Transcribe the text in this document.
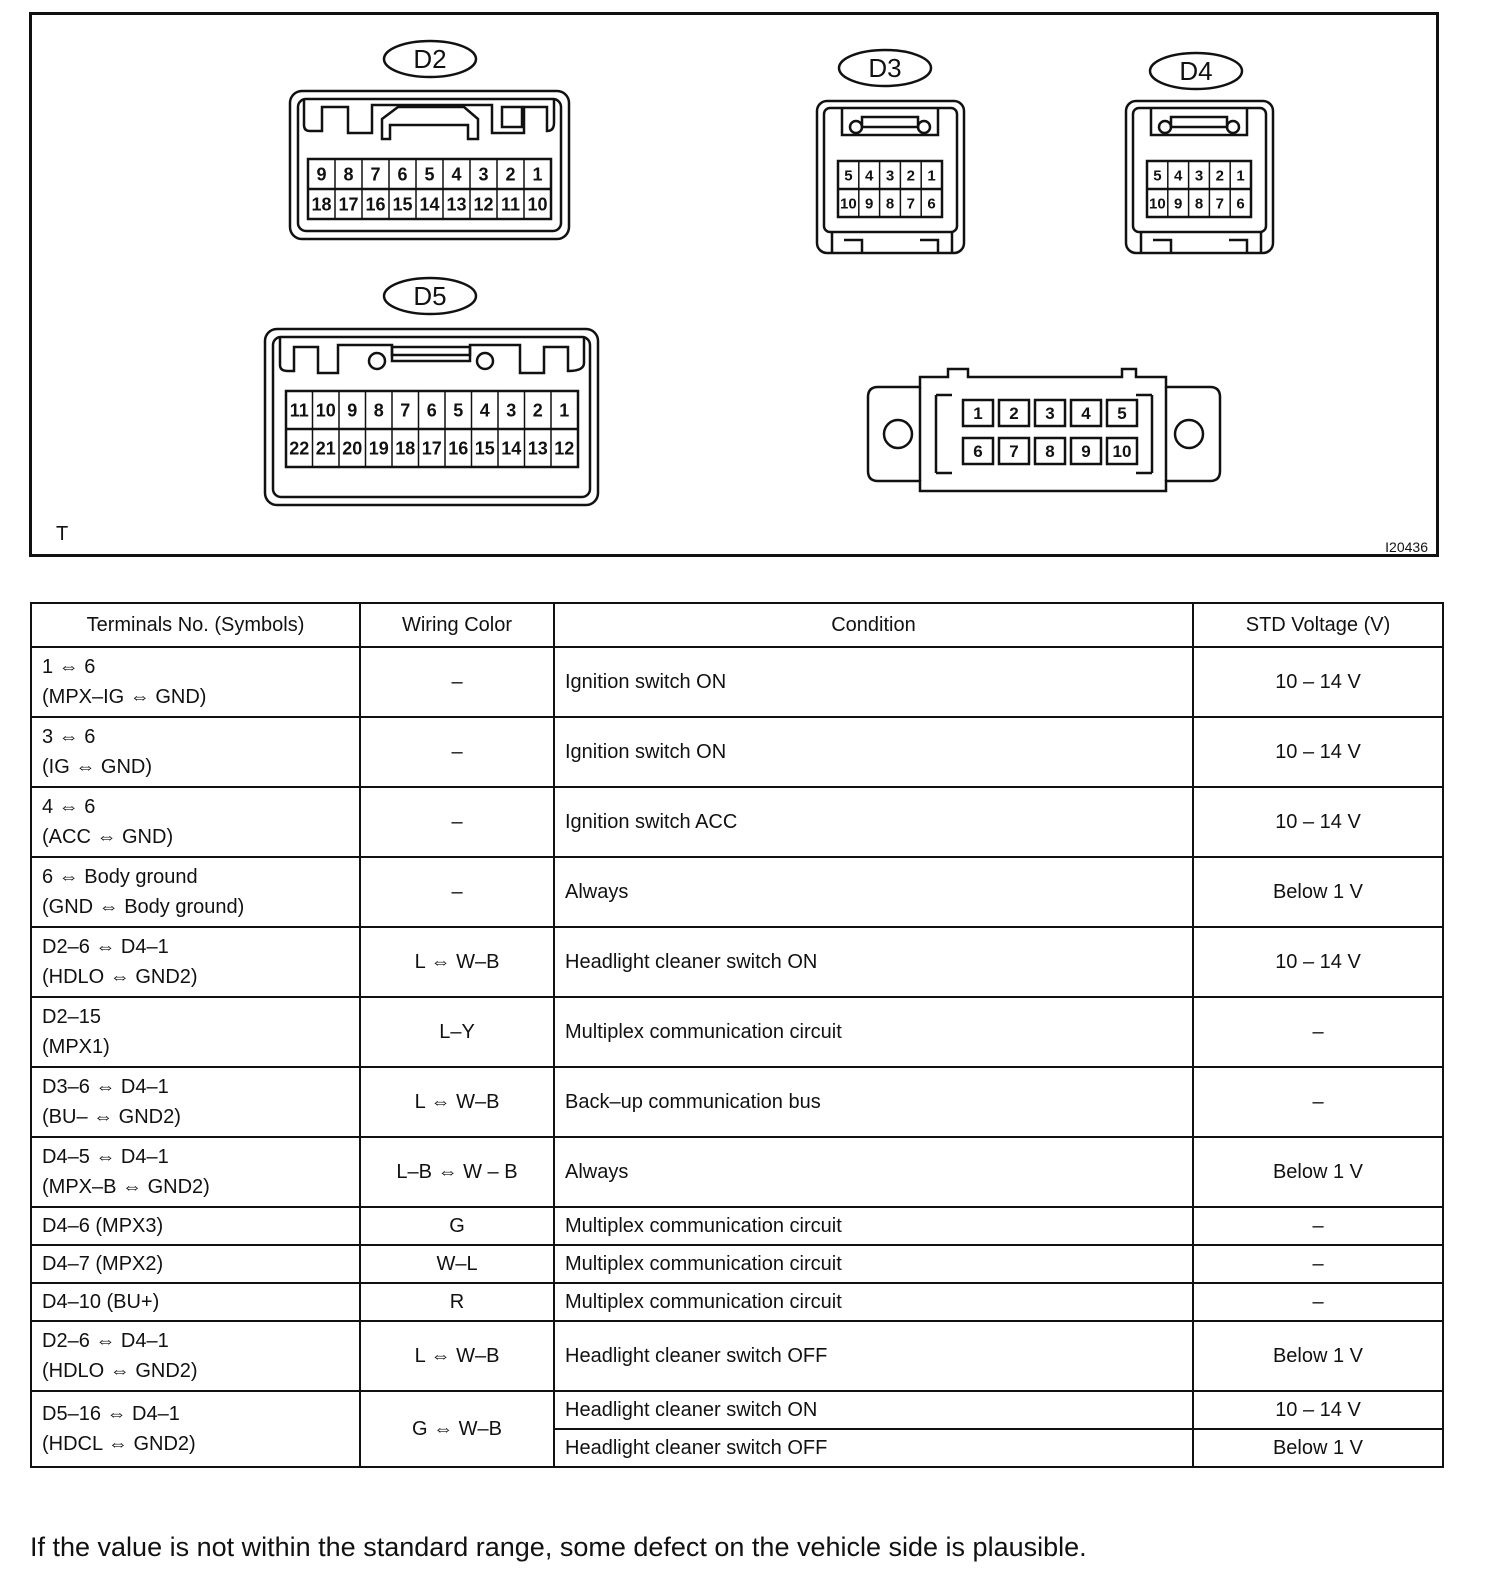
D2
9 8 7 6 5 4 3 2 1
18 17 16 15 14 13 12 11 10
D3
5 4 3 2 1
10 9 8 7 6
D4
5 4 3 2 1
10 9 8 7 6
D5
11 10 9 8 7 6 5 4 3 2 1
22 21 20 19 18 17 16 15 14 13 12
1 2 3 4 5
6 7 8 9 10
T
I20436
Terminals No. (Symbols)	Wiring Color	Condition	STD Voltage (V)

1 ⇔ 6
(MPX–IG ⇔ GND)	–	Ignition switch ON	10 – 14 V

3 ⇔ 6
(IG ⇔ GND)	–	Ignition switch ON	10 – 14 V

4 ⇔ 6
(ACC ⇔ GND)	–	Ignition switch ACC	10 – 14 V

6 ⇔ Body ground
(GND ⇔ Body ground)	–	Always	Below 1 V

D2–6 ⇔ D4–1
(HDLO ⇔ GND2)	L ⇔ W–B	Headlight cleaner switch ON	10 – 14 V

D2–15
(MPX1)	L–Y	Multiplex communication circuit	–

D3–6 ⇔ D4–1
(BU– ⇔ GND2)	L ⇔ W–B	Back–up communication bus	–

D4–5 ⇔ D4–1
(MPX–B ⇔ GND2)	L–B ⇔ W – B	Always	Below 1 V

D4–6 (MPX3)	G	Multiplex communication circuit	–

D4–7 (MPX2)	W–L	Multiplex communication circuit	–

D4–10 (BU+)	R	Multiplex communication circuit	–

D2–6 ⇔ D4–1
(HDLO ⇔ GND2)	L ⇔ W–B	Headlight cleaner switch OFF	Below 1 V

D5–16 ⇔ D4–1
(HDCL ⇔ GND2)	G ⇔ W–B	Headlight cleaner switch ON	10 – 14 V
		Headlight cleaner switch OFF	Below 1 V
If the value is not within the standard range, some defect on the vehicle side is plausible.
